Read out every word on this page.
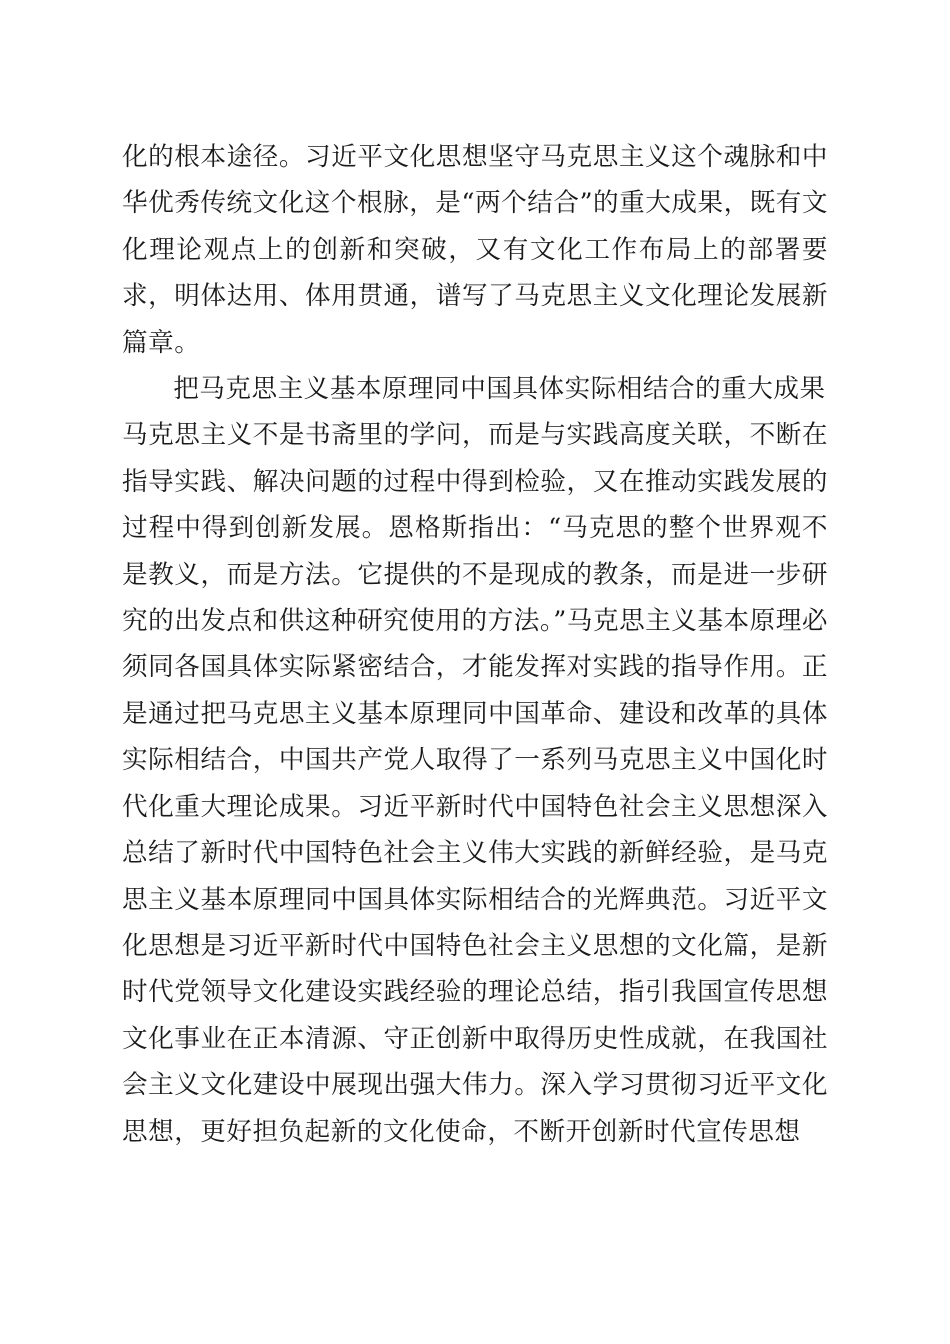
化的根本途径。习近平文化思想坚守马克思主义这个魂脉和中华优秀传统文化这个根脉，是“两个结合”的重大成果，既有文化理论观点上的创新和突破，又有文化工作布局上的部署要求，明体达用、体用贯通，谱写了马克思主义文化理论发展新篇章。

把马克思主义基本原理同中国具体实际相结合的重大成果

马克思主义不是书斋里的学问，而是与实践高度关联，不断在指导实践、解决问题的过程中得到检验，又在推动实践发展的过程中得到创新发展。恩格斯指出：“马克思的整个世界观不是教义，而是方法。它提供的不是现成的教条，而是进一步研究的出发点和供这种研究使用的方法。”马克思主义基本原理必须同各国具体实际紧密结合，才能发挥对实践的指导作用。正是通过把马克思主义基本原理同中国革命、建设和改革的具体实际相结合，中国共产党人取得了一系列马克思主义中国化时代化重大理论成果。习近平新时代中国特色社会主义思想深入总结了新时代中国特色社会主义伟大实践的新鲜经验，是马克思主义基本原理同中国具体实际相结合的光辉典范。习近平文化思想是习近平新时代中国特色社会主义思想的文化篇，是新时代党领导文化建设实践经验的理论总结，指引我国宣传思想文化事业在正本清源、守正创新中取得历史性成就，在我国社会主义文化建设中展现出强大伟力。深入学习贯彻习近平文化思想，更好担负起新的文化使命，不断开创新时代宣传思想
